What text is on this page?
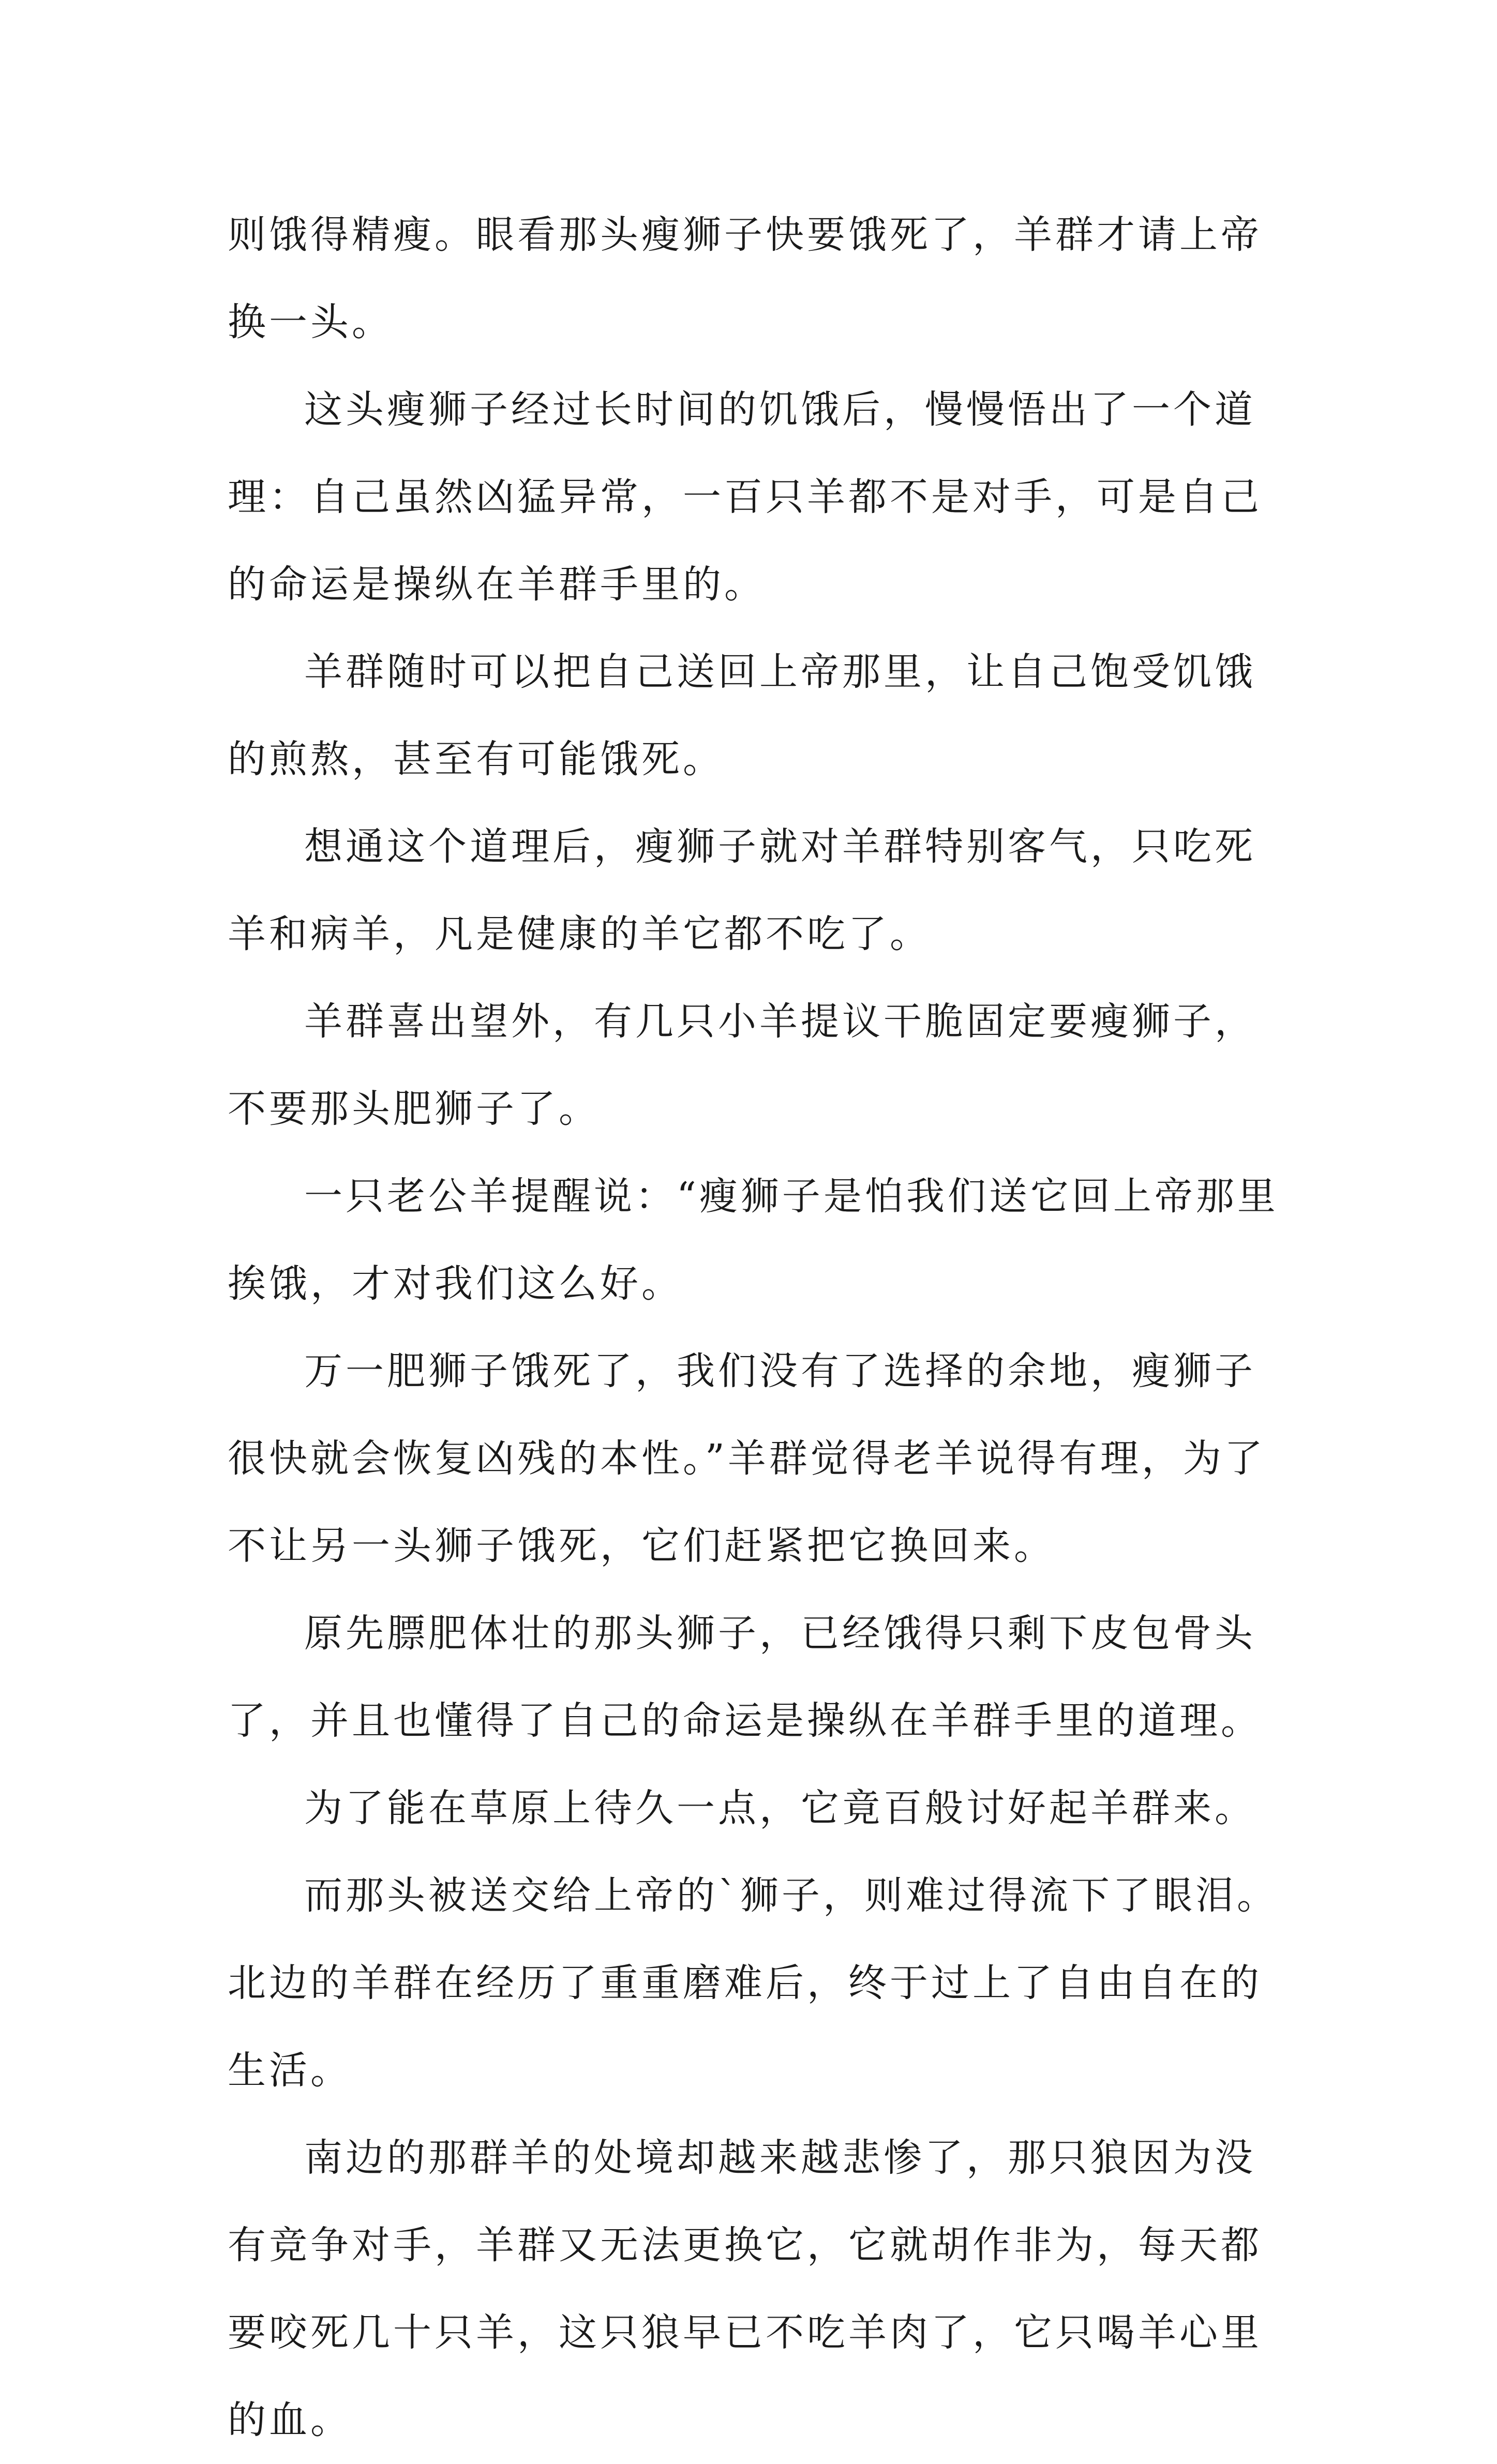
则饿得精瘦。眼看那头瘦狮子快要饿死了，羊群才请上帝换一头。

这头瘦狮子经过长时间的饥饿后，慢慢悟出了一个道理：自己虽然凶猛异常，一百只羊都不是对手，可是自己的命运是操纵在羊群手里的。

羊群随时可以把自己送回上帝那里，让自己饱受饥饿的煎熬，甚至有可能饿死。

想通这个道理后，瘦狮子就对羊群特别客气，只吃死羊和病羊，凡是健康的羊它都不吃了。

羊群喜出望外，有几只小羊提议干脆固定要瘦狮子，不要那头肥狮子了。

一只老公羊提醒说：“瘦狮子是怕我们送它回上帝那里挨饿，才对我们这么好。

万一肥狮子饿死了，我们没有了选择的余地，瘦狮子很快就会恢复凶残的本性。”羊群觉得老羊说得有理，为了不让另一头狮子饿死，它们赶紧把它换回来。

原先膘肥体壮的那头狮子，已经饿得只剩下皮包骨头了，并且也懂得了自己的命运是操纵在羊群手里的道理。

为了能在草原上待久一点，它竟百般讨好起羊群来。

而那头被送交给上帝的`狮子，则难过得流下了眼泪。北边的羊群在经历了重重磨难后，终于过上了自由自在的生活。

南边的那群羊的处境却越来越悲惨了，那只狼因为没有竞争对手，羊群又无法更换它，它就胡作非为，每天都要咬死几十只羊，这只狼早已不吃羊肉了，它只喝羊心里的血。
